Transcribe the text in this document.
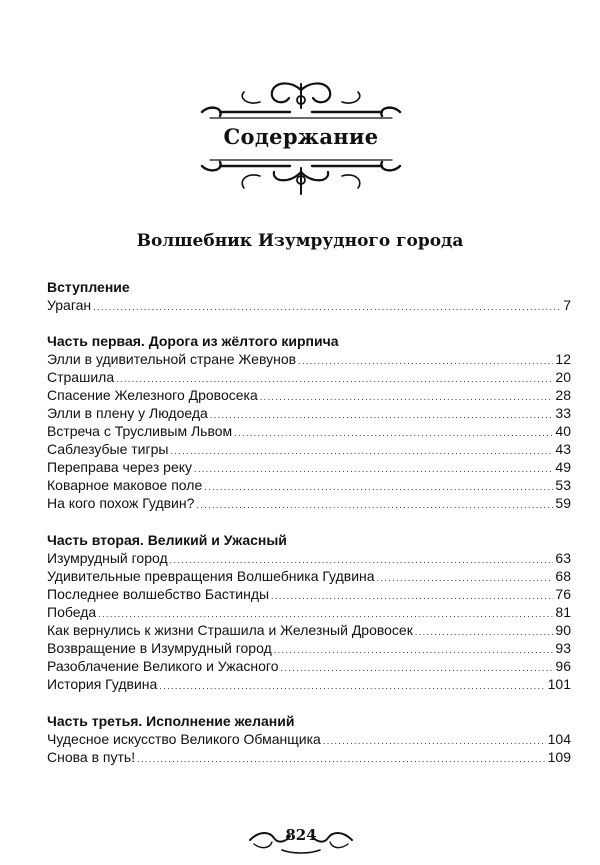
Содержание
Волшебник Изумрудного города
Вступление
Ураган .....	7
Часть первая. Дорога из жёлтого кирпича
Элли в удивительной стране Жевунов .....	12
Страшила .....	20
Спасение Железного Дровосека .....	28
Элли в плену у Людоеда .....	33
Встреча с Трусливым Львом .....	40
Саблезубые тигры .....	43
Переправа через реку .....	49
Коварное маковое поле .....	53
На кого похож Гудвин? .....	59
Часть вторая. Великий и Ужасный
Изумрудный город .....	63
Удивительные превращения Волшебника Гудвина .....	68
Последнее волшебство Бастинды .....	76
Победа .....	81
Как вернулись к жизни Страшила и Железный Дровосек .....	90
Возвращение в Изумрудный город .....	93
Разоблачение Великого и Ужасного .....	96
История Гудвина .....	101
Часть третья. Исполнение желаний
Чудесное искусство Великого Обманщика .....	104
Снова в путь! .....	109
824
